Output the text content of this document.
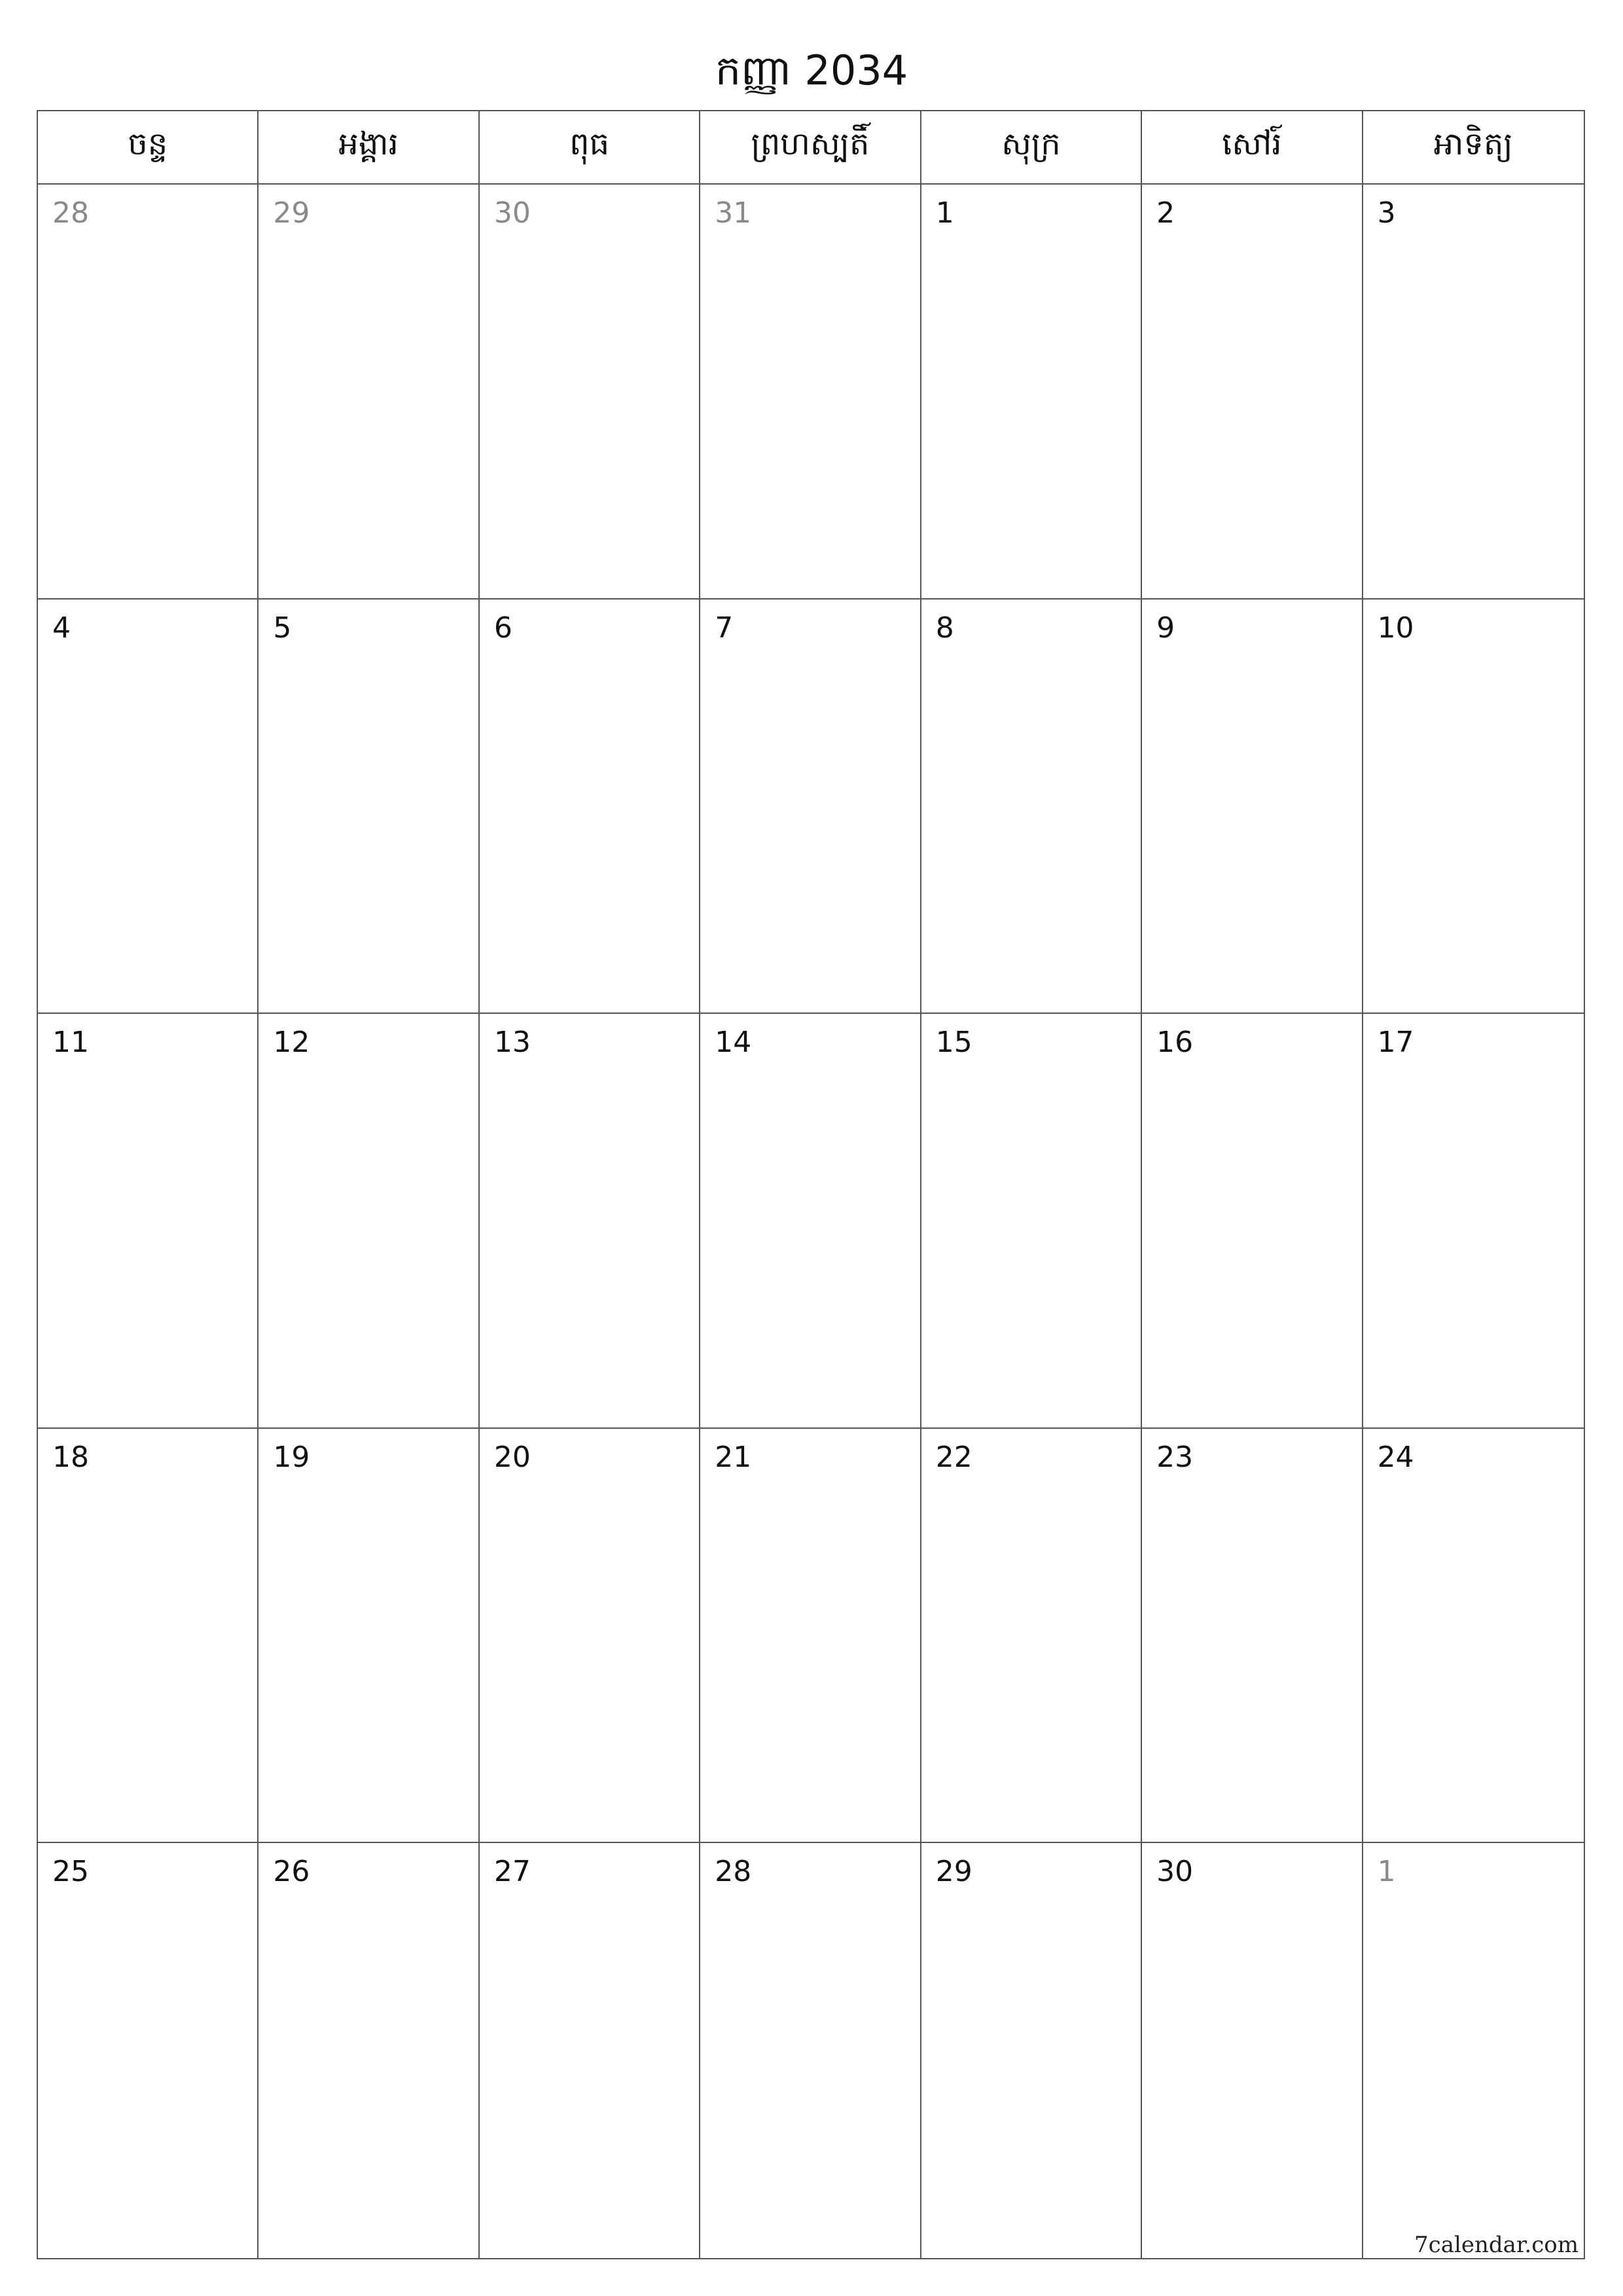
កញ្ញា 2034
ចន្ទ	អង្គារ	ពុធ	ព្រហស្បតិ៍	សុក្រ	សៅរ៍	អាទិត្យ
28	29	30	31	1	2	3
4	5	6	7	8	9	10
11	12	13	14	15	16	17
18	19	20	21	22	23	24
25	26	27	28	29	30	1
7calendar.com
